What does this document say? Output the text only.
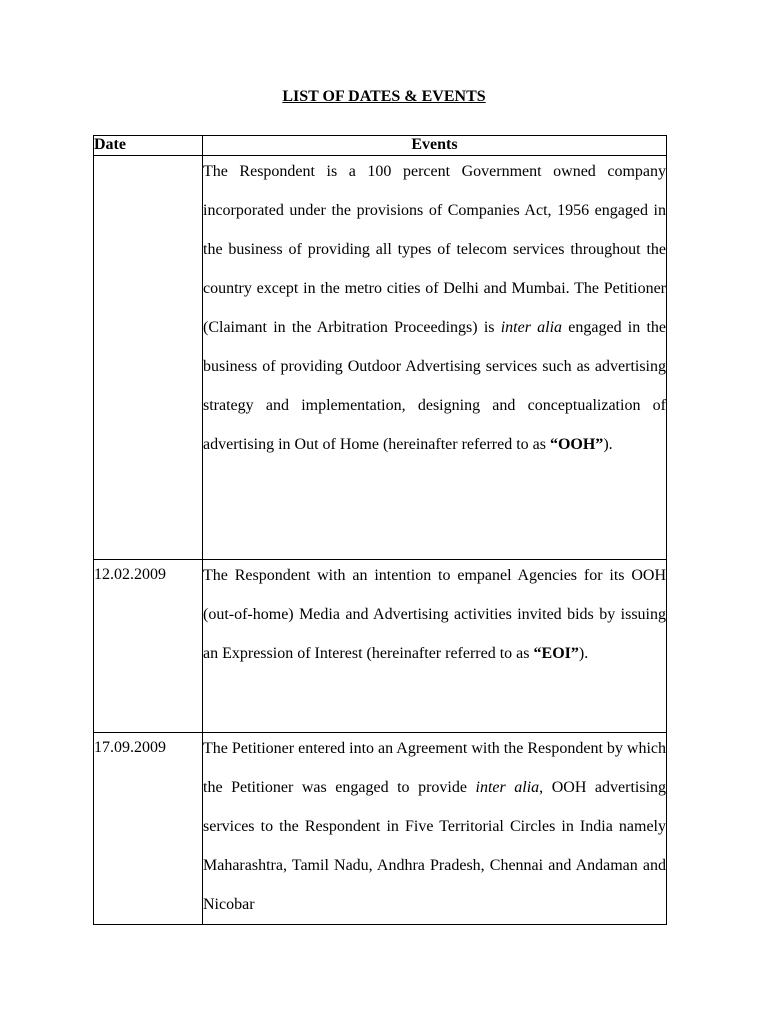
LIST OF DATES & EVENTS
Date	Events

	The Respondent is a 100 percent Government owned company incorporated under the provisions of Companies Act, 1956 engaged in the business of providing all types of telecom services throughout the country except in the metro cities of Delhi and Mumbai. The Petitioner (Claimant in the Arbitration Proceedings) is inter alia engaged in the business of providing Outdoor Advertising services such as advertising strategy and implementation, designing and conceptualization of advertising in Out of Home (hereinafter referred to as “OOH”).

12.02.2009	The Respondent with an intention to empanel Agencies for its OOH (out-of-home) Media and Advertising activities invited bids by issuing an Expression of Interest (hereinafter referred to as “EOI”).

17.09.2009	The Petitioner entered into an Agreement with the Respondent by which the Petitioner was engaged to provide inter alia, OOH advertising services to the Respondent in Five Territorial Circles in India namely Maharashtra, Tamil Nadu, Andhra Pradesh, Chennai and Andaman and Nicobar
